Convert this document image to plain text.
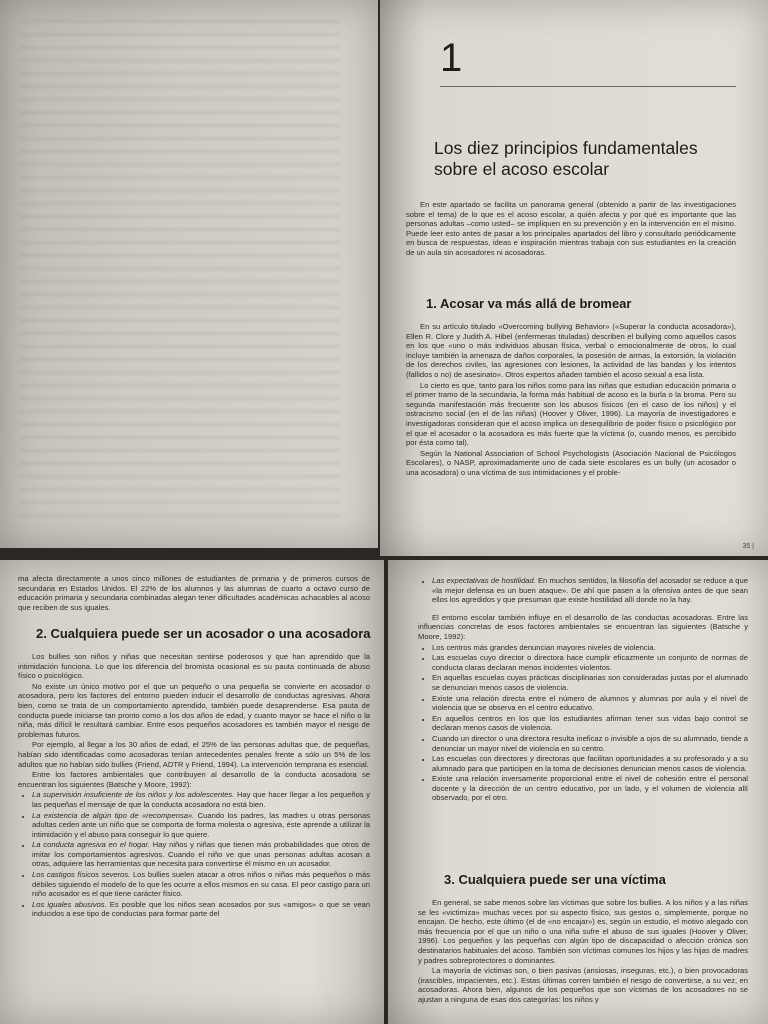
1
Los diez principios fundamentales
sobre el acoso escolar

En este apartado se facilita un panorama general (obtenido a partir de las investigaciones sobre el tema) de lo que es el acoso escolar, a quién afecta y por qué es importante que las personas adultas –como usted– se impliquen en su prevención y en la intervención en el mismo. Puede leer esto antes de pasar a los principales apartados del libro y consultarlo periódicamente en busca de respuestas, ideas e inspiración mientras trabaja con sus estudiantes en la creación de un aula sin acosadores ni acosadoras.

1. Acosar va más allá de bromear

En su artículo titulado «Overcoming bullying Behavior» («Superar la conducta acosadora»), Ellen R. Clore y Judith A. Hibel (enfermeras tituladas) describen el bullying como aquellos casos en los que «uno o más individuos abusan física, verbal o emocionalmente de otros, lo cual incluye también la amenaza de daños corporales, la posesión de armas, la extorsión, la violación de los derechos civiles, las agresiones con lesiones, la actividad de las bandas y los intentos (fallidos o no) de asesinato». Otros expertos añaden también el acoso sexual a esa lista.

Lo cierto es que, tanto para los niños como para las niñas que estudian educación primaria o el primer tramo de la secundaria, la forma más habitual de acoso es la burla o la broma. Pero su segunda manifestación más frecuente son los abusos físicos (en el caso de los niños) y el ostracismo social (en el de las niñas) (Hoover y Oliver, 1996). La mayoría de investigadores e investigadoras consideran que el acoso implica un desequilibrio de poder físico o psicológico por el que el acosador o la acosadora es más fuerte que la víctima (o, cuando menos, es percibido por ésta como tal).

Según la National Association of School Psychologists (Asociación Nacional de Psicólogos Escolares), o NASP, aproximadamente uno de cada siete escolares es un bully (un acosador o una acosadora) o una víctima de sus intimidaciones y el proble-

35 |

ma afecta directamente a unos cinco millones de estudiantes de primaria y de primeros cursos de secundaria en Estados Unidos. El 22% de los alumnos y las alumnas de cuarto a octavo curso de educación primaria y secundaria combinadas alegan tener dificultades académicas achacables al acoso que reciben de sus iguales.

2. Cualquiera puede ser un acosador o una acosadora

Los bullies son niños y niñas que necesitan sentirse poderosos y que han aprendido que la intimidación funciona. Lo que los diferencia del bromista ocasional es su pauta continuada de abuso físico o psicológico.

No existe un único motivo por el que un pequeño o una pequeña se convierte en acosador o acosadora, pero los factores del entorno pueden inducir el desarrollo de conductas agresivas. Ahora bien, como se trata de un comportamiento aprendido, también puede desaprenderse. Esa pauta de conducta puede iniciarse tan pronto como a los dos años de edad, y cuanto mayor se hace el niño o la niña, más difícil le resultará cambiar. Entre esos pequeños acosadores es también mayor el riesgo de problemas futuros.

Por ejemplo, al llegar a los 30 años de edad, el 25% de las personas adultas que, de pequeñas, habían sido identificadas como acosadoras tenían antecedentes penales frente a sólo un 5% de los adultos que no habían sido bullies (Friend, ADTR y Friend, 1994). La intervención temprana es esencial.

Entre los factores ambientales que contribuyen al desarrollo de la conducta acosadora se encuentran los siguientes (Batsche y Moore, 1992):

• La supervisión insuficiente de los niños y los adolescentes. Hay que hacer llegar a los pequeños y las pequeñas el mensaje de que la conducta acosadora no está bien.
• La existencia de algún tipo de «recompensa». Cuando los padres, las madres u otras personas adultas ceden ante un niño que se comporta de forma molesta o agresiva, éste aprende a utilizar la intimidación y el abuso para conseguir lo que quiere.
• La conducta agresiva en el hogar. Hay niños y niñas que tienen más probabilidades que otros de imitar los comportamientos agresivos. Cuando el niño ve que unas personas adultas acosan a otras, adquiere las herramientas que necesita para convertirse él mismo en un acosador.
• Los castigos físicos severos. Los bullies suelen atacar a otros niños o niñas más pequeños o más débiles siguiendo el modelo de lo que les ocurre a ellos mismos en su casa. El peor castigo para un niño acosador es el que tiene carácter físico.
• Los iguales abusivos. Es posible que los niños sean acosados por sus «amigos» o que se vean inducidos a ese tipo de conductas para formar parte del
• Las expectativas de hostilidad. En muchos sentidos, la filosofía del acosador se reduce a que «la mejor defensa es un buen ataque». De ahí que pasen a la ofensiva antes de que sean ellos los agredidos y que presuman que existe hostilidad allí donde no la hay.

El entorno escolar también influye en el desarrollo de las conductas acosadoras. Entre las influencias concretas de esos factores ambientales se encuentran las siguientes (Batsche y Moore, 1992):

• Los centros más grandes denuncian mayores niveles de violencia.
• Las escuelas cuyo director o directora hace cumplir eficazmente un conjunto de normas de conducta claras declaran menos incidentes violentos.
• En aquellas escuelas cuyas prácticas disciplinarias son consideradas justas por el alumnado se denuncian menos casos de violencia.
• Existe una relación directa entre el número de alumnos y alumnas por aula y el nivel de violencia que se observa en el centro educativo.
• En aquellos centros en los que los estudiantes afirman tener sus vidas bajo control se declaran menos casos de violencia.
• Cuando un director o una directora resulta ineficaz o invisible a ojos de su alumnado, tiende a denunciar un mayor nivel de violencia en su centro.
• Las escuelas con directores y directoras que facilitan oportunidades a su profesorado y a su alumnado para que participen en la toma de decisiones denuncian menos casos de violencia.
• Existe una relación inversamente proporcional entre el nivel de cohesión entre el personal docente y la dirección de un centro educativo, por un lado, y el volumen de violencia allí observado, por el otro.
3. Cualquiera puede ser una víctima

En general, se sabe menos sobre las víctimas que sobre los bullies. A los niños y a las niñas se les «victimiza» muchas veces por su aspecto físico, sus gestos o, simplemente, porque no encajan. De hecho, este último (el de «no encajar») es, según un estudio, el motivo alegado con más frecuencia por el que un niño o una niña sufre el abuso de sus iguales (Hoover y Oliver, 1996). Los pequeños y las pequeñas con algún tipo de discapacidad o afección crónica son destinatarios habituales del acoso. También son víctimas comunes los hijos y las hijas de madres y padres sobreprotectores o dominantes.

La mayoría de víctimas son, o bien pasivas (ansiosas, inseguras, etc.), o bien provocadoras (irascibles, impacientes, etc.). Estas últimas corren también el riesgo de convertirse, a su vez, en acosadoras. Ahora bien, algunos de los pequeños que son víctimas de los acosadores no se ajustan a ninguna de esas dos categorías: los niños y
